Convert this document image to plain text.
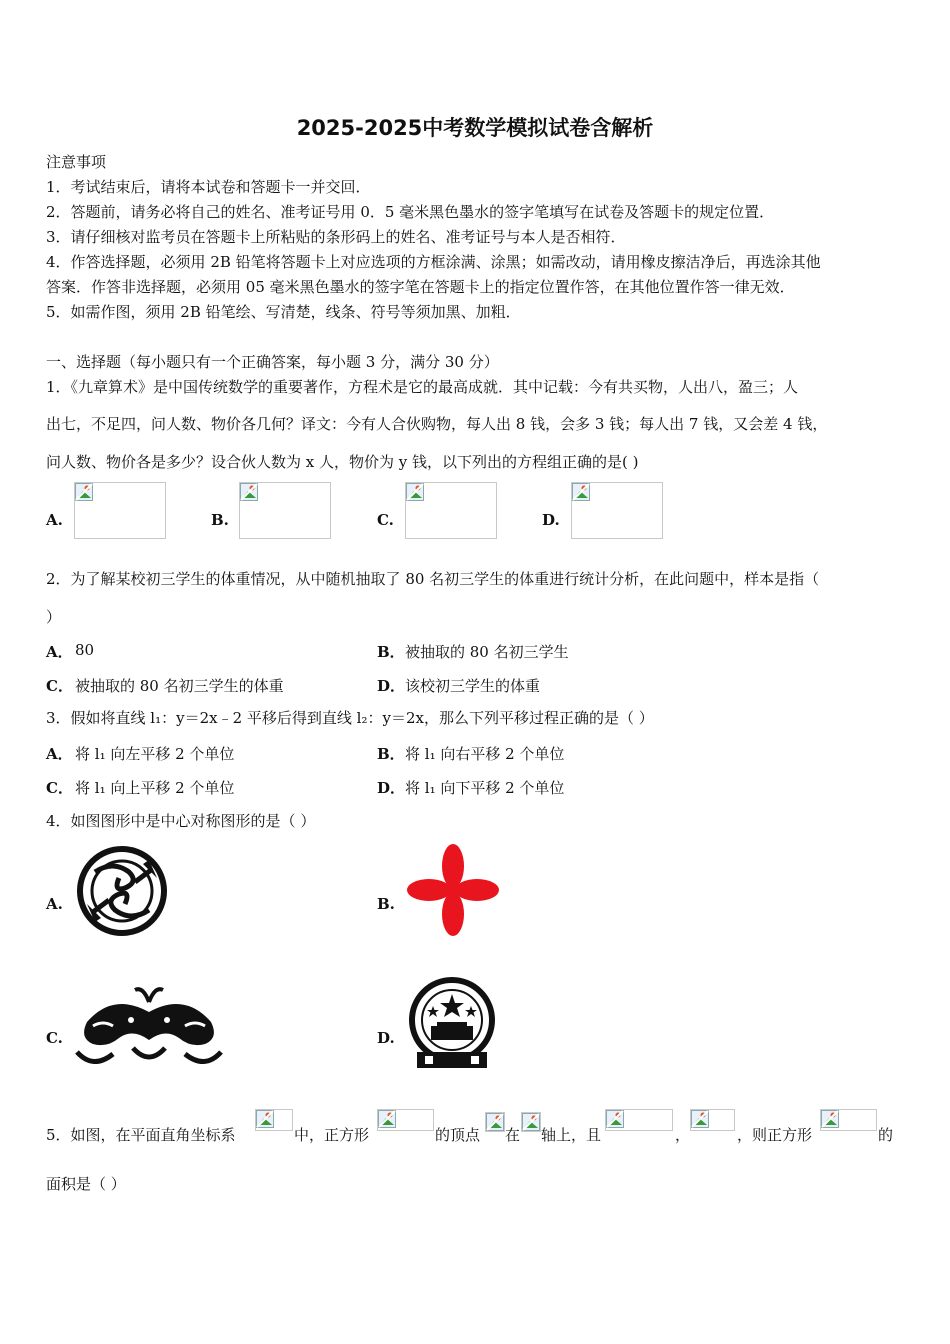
2025-2025中考数学模拟试卷含解析
注意事项
1．考试结束后，请将本试卷和答题卡一并交回．
2．答题前，请务必将自己的姓名、准考证号用 0．5 毫米黑色墨水的签字笔填写在试卷及答题卡的规定位置．
3．请仔细核对监考员在答题卡上所粘贴的条形码上的姓名、准考证号与本人是否相符．
4．作答选择题，必须用 2B 铅笔将答题卡上对应选项的方框涂满、涂黑；如需改动，请用橡皮擦洁净后，再选涂其他
答案．作答非选择题，必须用 05 毫米黑色墨水的签字笔在答题卡上的指定位置作答，在其他位置作答一律无效．
5．如需作图，须用 2B 铅笔绘、写清楚，线条、符号等须加黑、加粗．
一、选择题（每小题只有一个正确答案，每小题 3 分，满分 30 分）
1．《九章算术》是中国传统数学的重要著作，方程术是它的最高成就．其中记载：今有共买物，人出八，盈三；人
出七，不足四，问人数、物价各几何？译文：今有人合伙购物，每人出 8 钱，会多 3 钱；每人出 7 钱，又会差 4 钱，
问人数、物价各是多少？设合伙人数为 x 人，物价为 y 钱，以下列出的方程组正确的是( )
A.	B.	C.	D.
2．为了解某校初三学生的体重情况，从中随机抽取了 80 名初三学生的体重进行统计分析，在此问题中，样本是指（
）
A． 80	B． 被抽取的 80 名初三学生
C． 被抽取的 80 名初三学生的体重	D． 该校初三学生的体重
3．假如将直线 l₁：y＝2x﹣2 平移后得到直线 l₂：y＝2x，那么下列平移过程正确的是（ ）
A． 将 l₁ 向左平移 2 个单位	B． 将 l₁ 向右平移 2 个单位
C． 将 l₁ 向上平移 2 个单位	D． 将 l₁ 向下平移 2 个单位
4．如图图形中是中心对称图形的是（ ）
A.	B.
C.	D.
5．如图，在平面直角坐标系	中，正方形	的顶点 在 轴上，且	，	，则正方形	的
面积是（ ）
